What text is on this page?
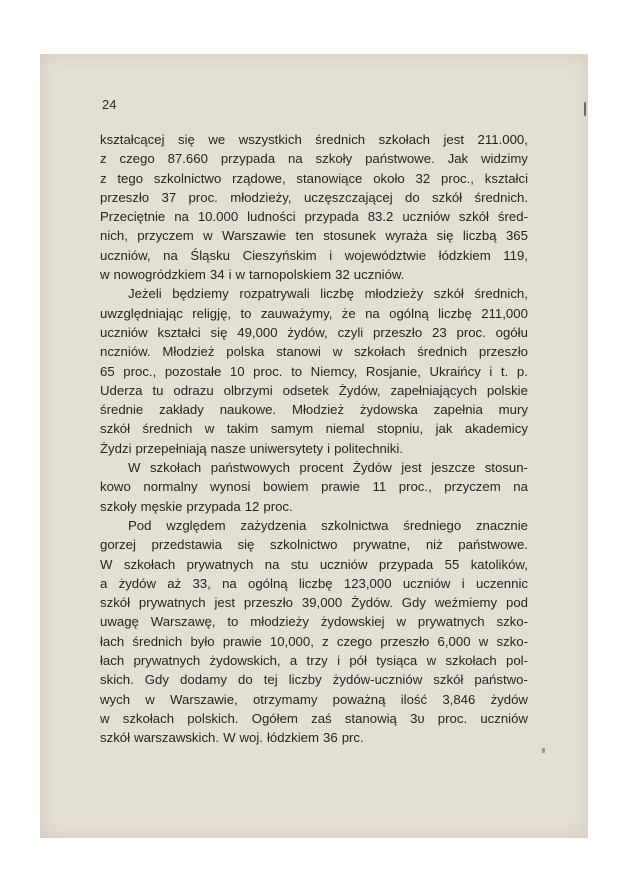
24
kształcącej się we wszystkich średnich szkołach jest 211.000,
z czego 87.660 przypada na szkoły państwowe. Jak widzimy
z tego szkolnictwo rządowe, stanowiące około 32 proc., kształci
przeszło 37 proc. młodzieży, uczęszczającej do szkół średnich.
Przeciętnie na 10.000 ludności przypada 83.2 uczniów szkół śred-
nich, przyczem w Warszawie ten stosunek wyraża się liczbą 365
uczniów, na Śląsku Cieszyńskim i województwie łódzkiem 119,
w nowogródzkiem 34 i w tarnopolskiem 32 uczniów.
Jeżeli będziemy rozpatrywali liczbę młodzieży szkół średnich,
uwzględniając religję, to zauważymy, że na ogólną liczbę 211,000
uczniów kształci się 49,000 żydów, czyli przeszło 23 proc. ogółu
nczniów. Młodzież polska stanowi w szkołach średnich przeszło
65 proc., pozostałe 10 proc. to Niemcy, Rosjanie, Ukraińcy i t. p.
Uderza tu odrazu olbrzymi odsetek Żydów, zapełniających polskie
średnie zakłady naukowe. Młodzież żydowska zapełnia mury
szkół średnich w takim samym niemal stopniu, jak akademicy
Żydzi przepełniają nasze uniwersytety i politechniki.
W szkołach państwowych procent Żydów jest jeszcze stosun-
kowo normalny wynosi bowiem prawie 11 proc., przyczem na
szkoły męskie przypada 12 proc.
Pod względem zażydzenia szkolnictwa średniego znacznie
gorzej przedstawia się szkolnictwo prywatne, niż państwowe.
W szkołach prywatnych na stu uczniów przypada 55 katolików,
a żydów aż 33, na ogólną liczbę 123,000 uczniów i uczennic
szkół prywatnych jest przeszło 39,000 Żydów. Gdy weźmiemy pod
uwagę Warszawę, to młodzieży żydowskiej w prywatnych szko-
łach średnich było prawie 10,000, z czego przeszło 6,000 w szko-
łach prywatnych żydowskich, a trzy i pół tysiąca w szkołach pol-
skich. Gdy dodamy do tej liczby żydów-uczniów szkół państwo-
wych w Warszawie, otrzymamy poważną ilość 3,846 żydów
w szkołach polskich. Ogółem zaś stanowią 3υ proc. uczniów
szkół warszawskich. W woj. łódzkiem 36 prc.
